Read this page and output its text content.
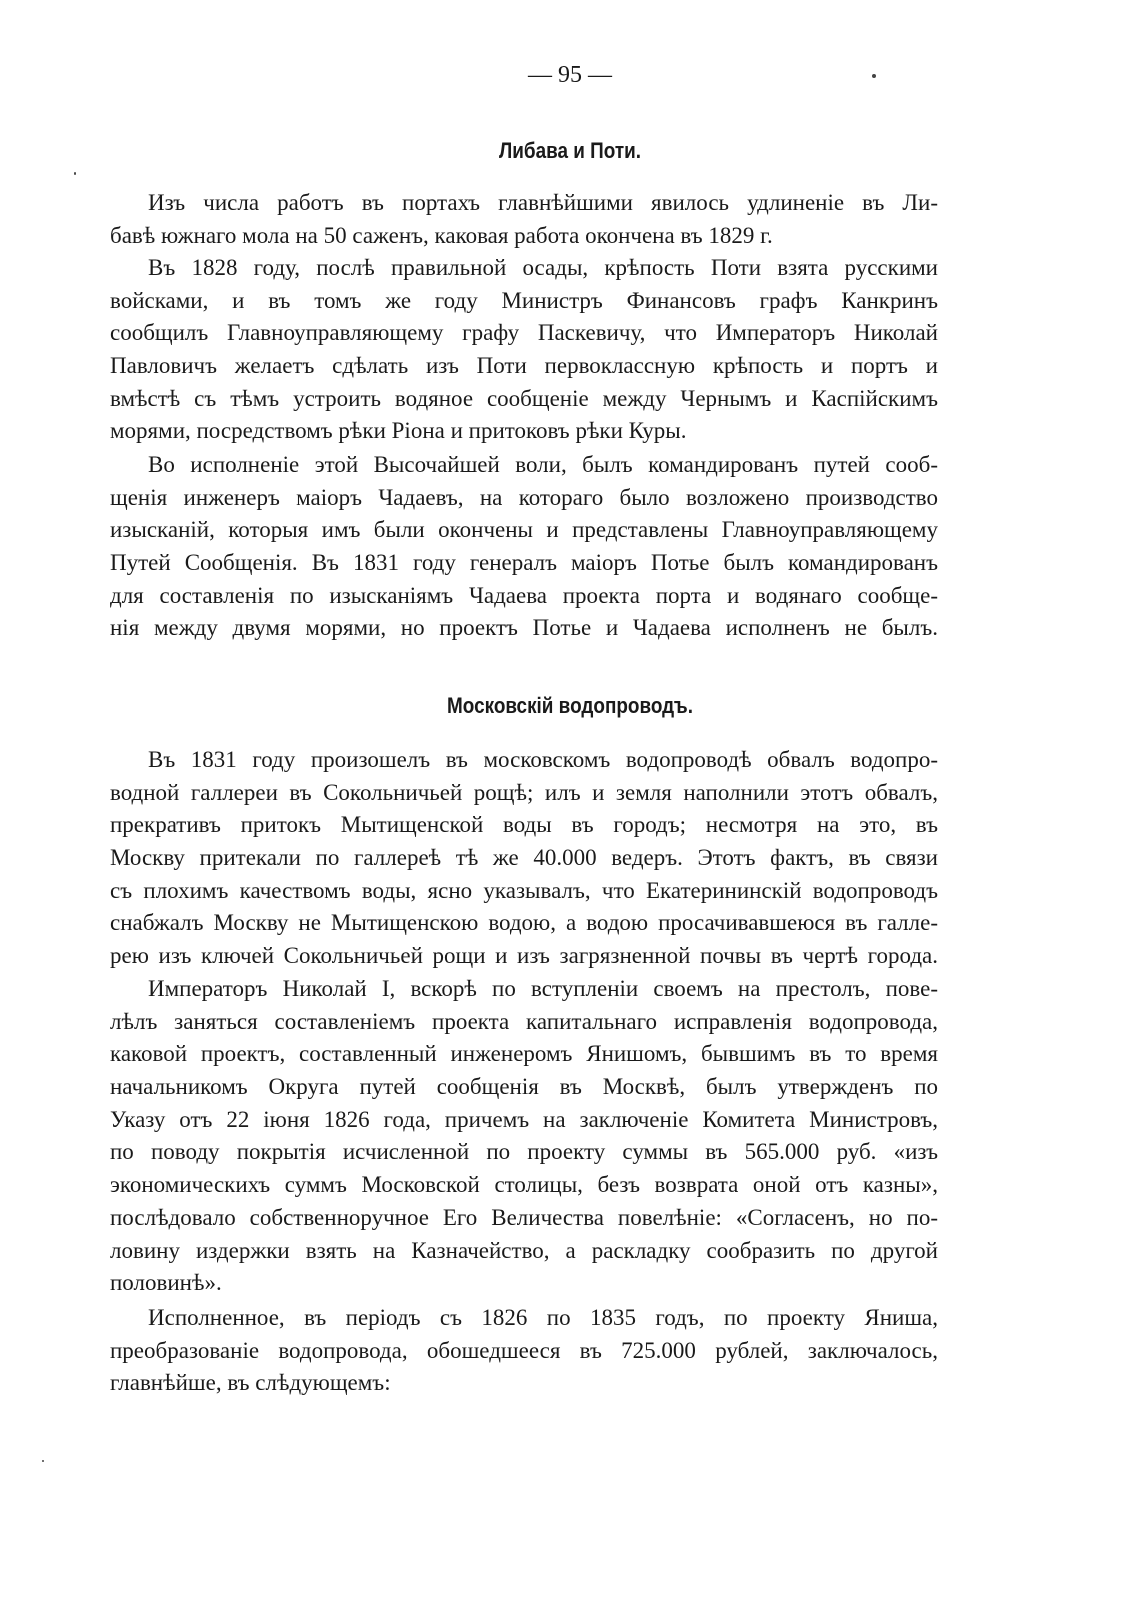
— 95 —
Либава и Поти.
Изъ числа работъ въ портахъ главнѣйшими явилось удлиненіе въ Ли-
бавѣ южнаго мола на 50 саженъ, каковая работа окончена въ 1829 г.
Въ 1828 году, послѣ правильной осады, крѣпость Поти взята русскими
войсками, и въ томъ же году Министръ Финансовъ графъ Канкринъ
сообщилъ Главноуправляющему графу Паскевичу, что Императоръ Николай
Павловичъ желаетъ сдѣлать изъ Поти первоклассную крѣпость и портъ и
вмѣстѣ съ тѣмъ устроить водяное сообщеніе между Чернымъ и Каспійскимъ
морями, посредствомъ рѣки Ріона и притоковъ рѣки Куры.
Во исполненіе этой Высочайшей воли, былъ командированъ путей сооб-
щенія инженеръ маіоръ Чадаевъ, на котораго было возложено производство
изысканій, которыя имъ были окончены и представлены Главноуправляющему
Путей Сообщенія. Въ 1831 году генералъ маіоръ Потье былъ командированъ
для составленія по изысканіямъ Чадаева проекта порта и водянаго сообще-
нія между двумя морями, но проектъ Потье и Чадаева исполненъ не былъ.
Московскій водопроводъ.
Въ 1831 году произошелъ въ московскомъ водопроводѣ обвалъ водопро-
водной галлереи въ Сокольничьей рощѣ; илъ и земля наполнили этотъ обвалъ,
прекративъ притокъ Мытищенской воды въ городъ; несмотря на это, въ
Москву притекали по галлереѣ тѣ же 40.000 ведеръ. Этотъ фактъ, въ связи
съ плохимъ качествомъ воды, ясно указывалъ, что Екатерининскій водопроводъ
снабжалъ Москву не Мытищенскою водою, а водою просачивавшеюся въ галле-
рею изъ ключей Сокольничьей рощи и изъ загрязненной почвы въ чертѣ города.
Императоръ Николай I, вскорѣ по вступленіи своемъ на престолъ, пове-
лѣлъ заняться составленіемъ проекта капитальнаго исправленія водопровода,
каковой проектъ, составленный инженеромъ Янишомъ, бывшимъ въ то время
начальникомъ Округа путей сообщенія въ Москвѣ, былъ утвержденъ по
Указу отъ 22 іюня 1826 года, причемъ на заключеніе Комитета Министровъ,
по поводу покрытія исчисленной по проекту суммы въ 565.000 руб. «изъ
экономическихъ суммъ Московской столицы, безъ возврата оной отъ казны»,
послѣдовало собственноручное Его Величества повелѣніе: «Согласенъ, но по-
ловину издержки взять на Казначейство, а раскладку сообразить по другой
половинѣ».
Исполненное, въ періодъ съ 1826 по 1835 годъ, по проекту Яниша,
преобразованіе водопровода, обошедшееся въ 725.000 рублей, заключалось,
главнѣйше, въ слѣдующемъ:
